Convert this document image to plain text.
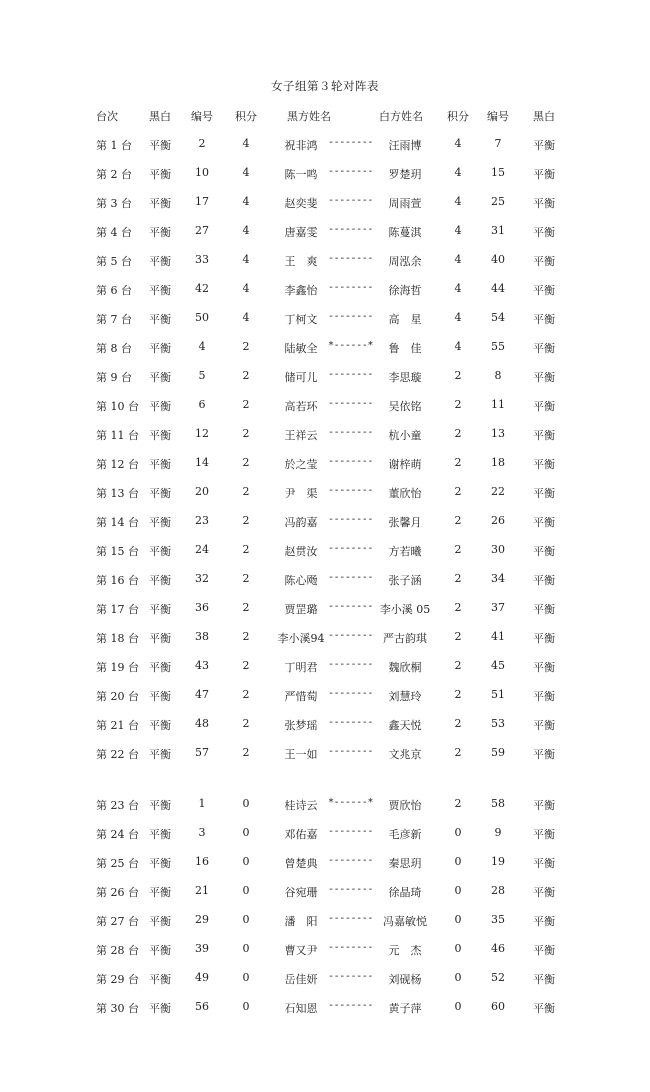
女子组第３轮对阵表
台次	黑白 编号 积分	黑方姓名	白方姓名	积分 编号 黑白
第 1 台 平衡	2	4	祝非鸿	--------	汪雨博	4	7	平衡
第 2 台 平衡	10	4	陈一鸣	--------	罗楚玥	4	15	平衡
第 3 台 平衡	17	4	赵奕斐	--------	周雨萱	4	25	平衡
第 4 台 平衡	27	4	唐嘉雯	--------	陈蔓淇	4	31	平衡
第 5 台 平衡	33	4	王　爽	--------	周泓余	4	40	平衡
第 6 台 平衡	42	4	李鑫怡	--------	徐海哲	4	44	平衡
第 7 台 平衡	50	4	丁柯文	--------	高　星	4	54	平衡
第 8 台 平衡	4	2	陆敏全	*------*	鲁　佳	4	55	平衡
第 9 台 平衡	5	2	储可儿	--------	李思璇	2	8	平衡
第 10 台 平衡	6	2	高若环	--------	吴依铭	2	11	平衡
第 11 台 平衡	12	2	王祥云	--------	杭小童	2	13	平衡
第 12 台 平衡	14	2	於之莹	--------	谢梓萌	2	18	平衡
第 13 台 平衡	20	2	尹　渠	--------	董欣怡	2	22	平衡
第 14 台 平衡	23	2	冯韵嘉	--------	张馨月	2	26	平衡
第 15 台 平衡	24	2	赵贯汝	--------	方若曦	2	30	平衡
第 16 台 平衡	32	2	陈心飏	--------	张子涵	2	34	平衡
第 17 台 平衡	36	2	贾罡璐	-------- 李小溪 05	2	37	平衡
第 18 台 平衡	38	2	李小溪94 -------- 严古韵琪	2	41	平衡
第 19 台 平衡	43	2	丁明君	--------	魏欣桐	2	45	平衡
第 20 台 平衡	47	2	严惜萄	--------	刘慧玲	2	51	平衡
第 21 台 平衡	48	2	张梦瑶	--------	鑫天悦	2	53	平衡
第 22 台 平衡	57	2	王一如	--------	文兆京	2	59	平衡
第 23 台 平衡	1	0	桂诗云	*------*	贾欣怡	2	58	平衡
第 24 台 平衡	3	0	邓佑嘉	--------	毛彦新	0	9	平衡
第 25 台 平衡	16	0	曾楚典	--------	秦思玥	0	19	平衡
第 26 台 平衡	21	0	谷宛珊	--------	徐晶琦	0	28	平衡
第 27 台 平衡	29	0	潘　阳	-------- 冯嘉敏悦	0	35	平衡
第 28 台 平衡	39	0	曹又尹	--------	元　杰	0	46	平衡
第 29 台 平衡	49	0	岳佳妍	--------	刘砚杨	0	52	平衡
第 30 台 平衡	56	0	石知恩	--------	黄子萍	0	60	平衡
